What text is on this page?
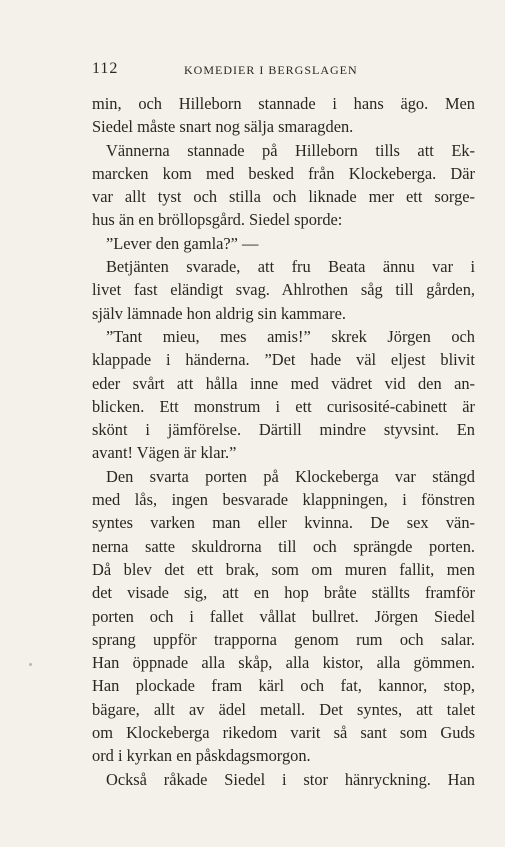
112	KOMEDIER I BERGSLAGEN
min, och Hilleborn stannade i hans ägo. Men
Siedel måste snart nog sälja smaragden.
Vännerna stannade på Hilleborn tills att Ek-
marcken kom med besked från Klockeberga. Där
var allt tyst och stilla och liknade mer ett sorge-
hus än en bröllopsgård. Siedel sporde:
”Lever den gamla?” —
Betjänten svarade, att fru Beata ännu var i
livet fast eländigt svag. Ahlrothen såg till gården,
själv lämnade hon aldrig sin kammare.
”Tant mieu, mes amis!” skrek Jörgen och
klappade i händerna. ”Det hade väl eljest blivit
eder svårt att hålla inne med vädret vid den an-
blicken. Ett monstrum i ett curisosité-cabinett är
skönt i jämförelse. Därtill mindre styvsint. En
avant! Vägen är klar.”
Den svarta porten på Klockeberga var stängd
med lås, ingen besvarade klappningen, i fönstren
syntes varken man eller kvinna. De sex vän-
nerna satte skuldrorna till och sprängde porten.
Då blev det ett brak, som om muren fallit, men
det visade sig, att en hop bråte ställts framför
porten och i fallet vållat bullret. Jörgen Siedel
sprang uppför trapporna genom rum och salar.
Han öppnade alla skåp, alla kistor, alla gömmen.
Han plockade fram kärl och fat, kannor, stop,
bägare, allt av ädel metall. Det syntes, att talet
om Klockeberga rikedom varit så sant som Guds
ord i kyrkan en påskdagsmorgon.
Också råkade Siedel i stor hänryckning. Han
